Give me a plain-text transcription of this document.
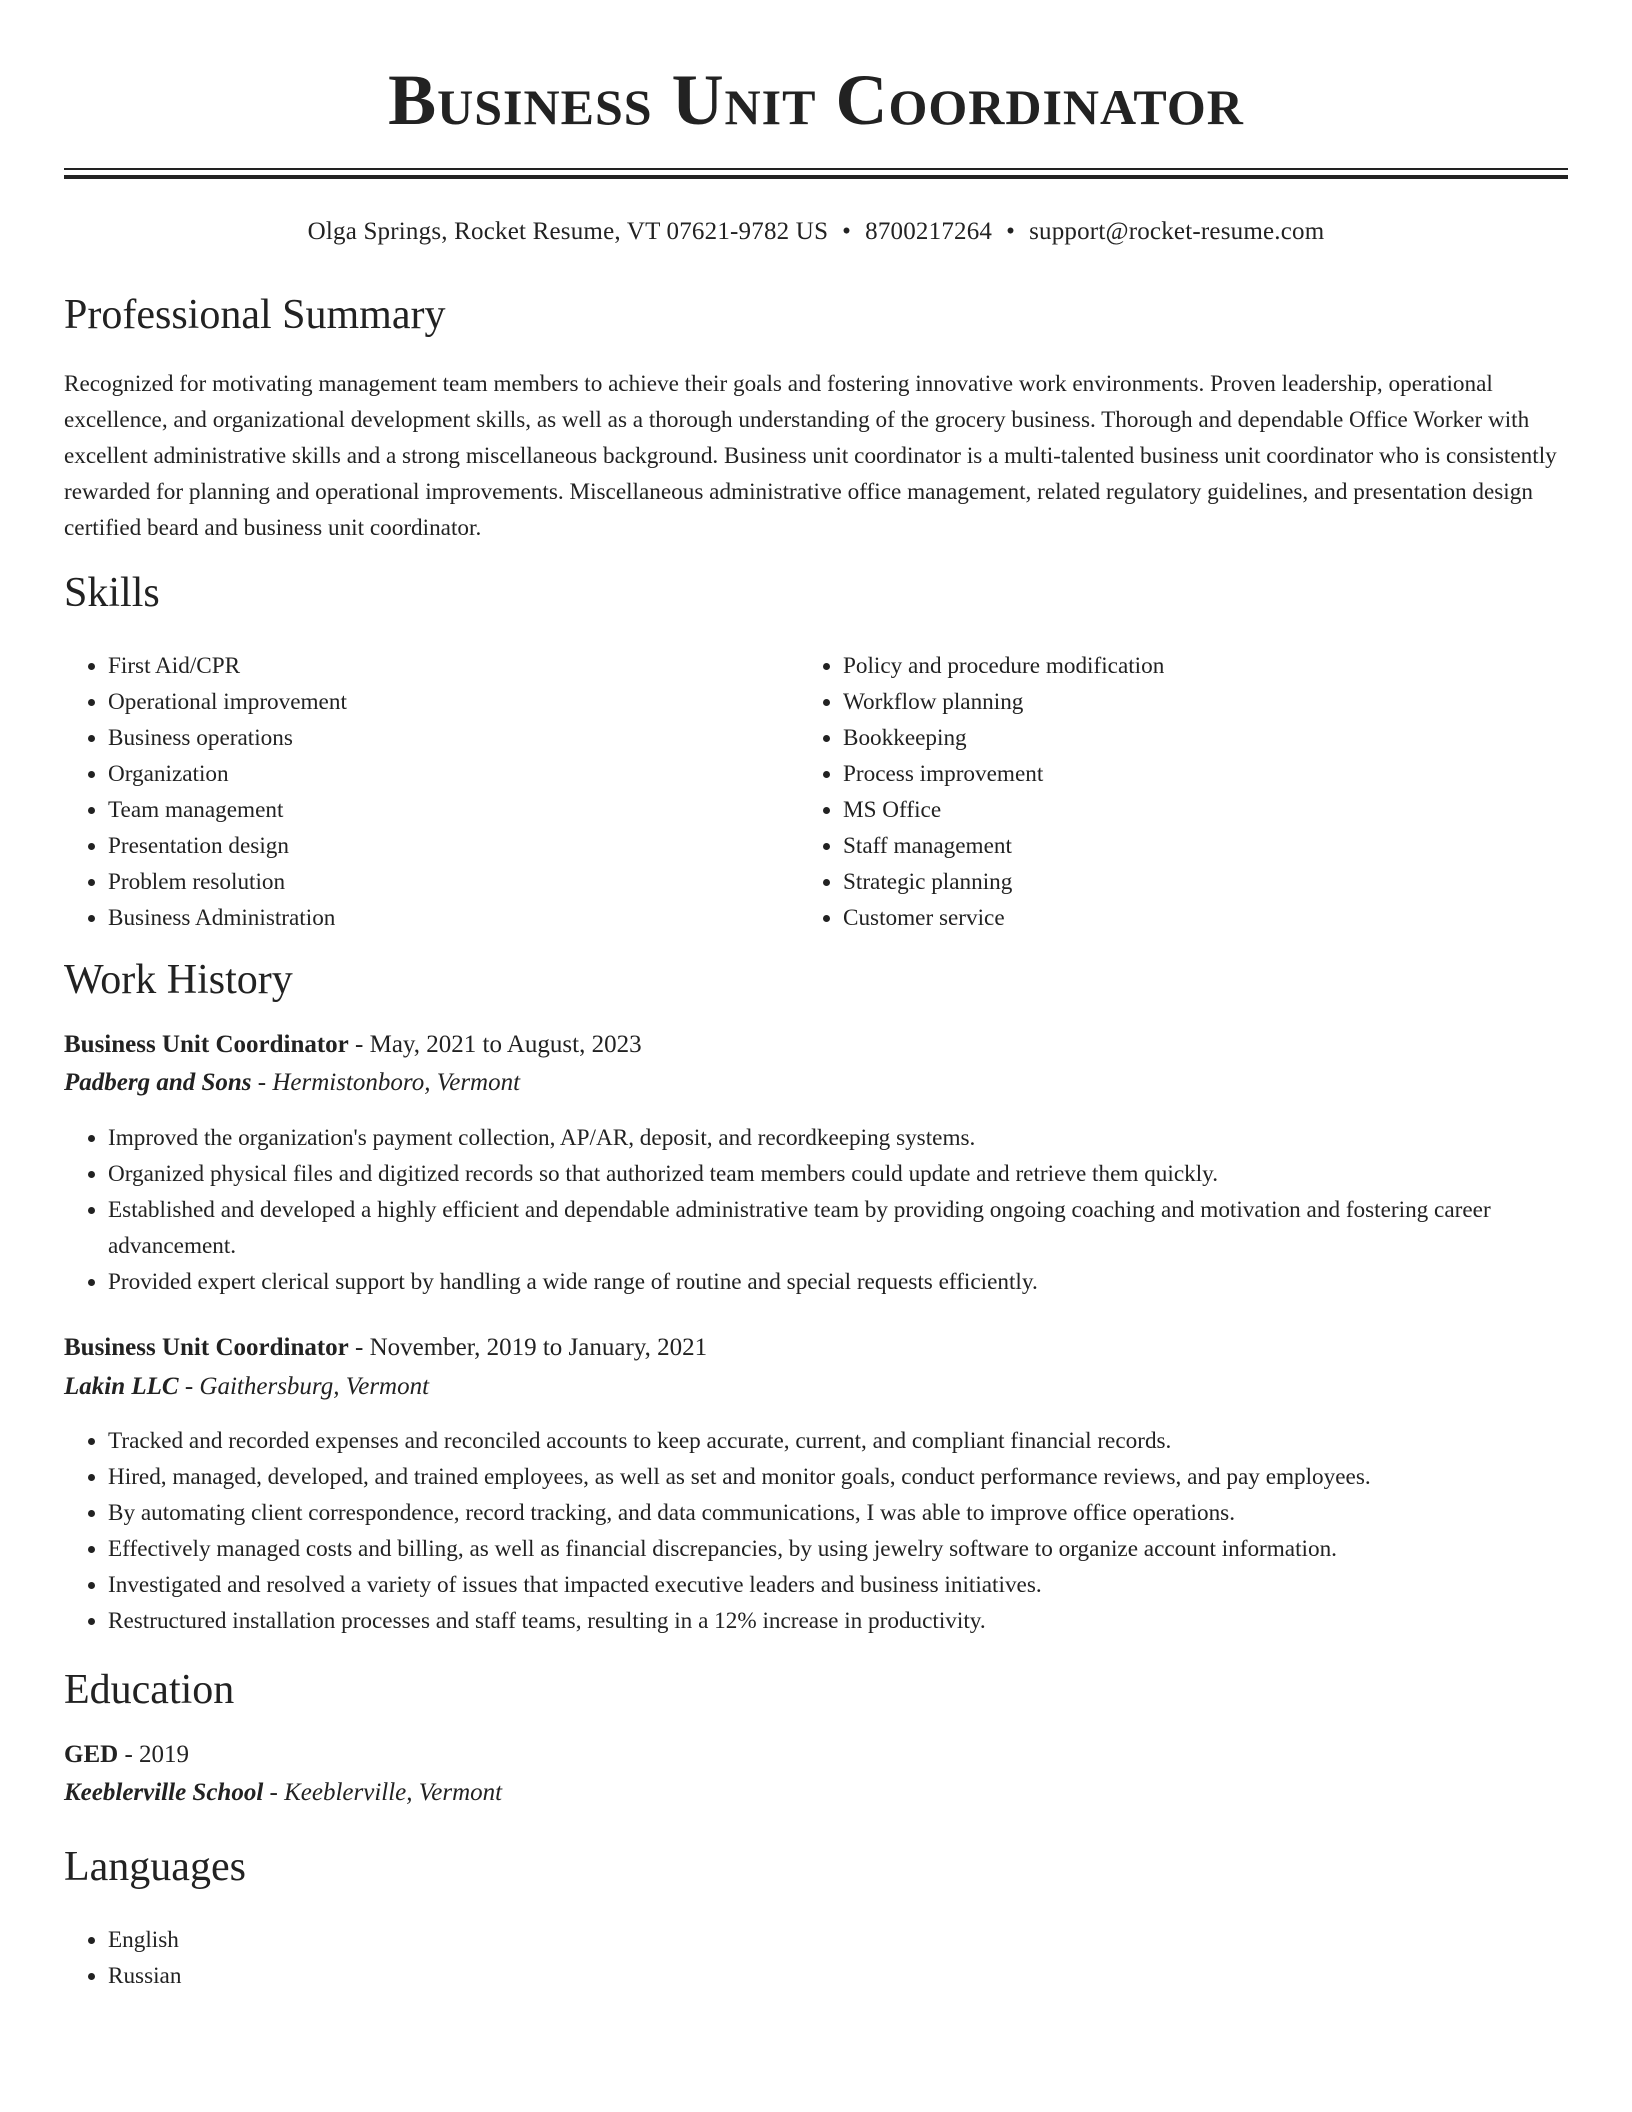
Business Unit Coordinator
Olga Springs, Rocket Resume, VT 07621-9782 US • 8700217264 • support@rocket-resume.com
Professional Summary

Recognized for motivating management team members to achieve their goals and fostering innovative work environments. Proven leadership, operational excellence, and organizational development skills, as well as a thorough understanding of the grocery business. Thorough and dependable Office Worker with excellent administrative skills and a strong miscellaneous background. Business unit coordinator is a multi-talented business unit coordinator who is consistently rewarded for planning and operational improvements. Miscellaneous administrative office management, related regulatory guidelines, and presentation design certified beard and business unit coordinator.

Skills
• First Aid/CPR
• Operational improvement
• Business operations
• Organization
• Team management
• Presentation design
• Problem resolution
• Business Administration
• Policy and procedure modification
• Workflow planning
• Bookkeeping
• Process improvement
• MS Office
• Staff management
• Strategic planning
• Customer service
Work History
Business Unit Coordinator - May, 2021 to August, 2023
Padberg and Sons - Hermistonboro, Vermont
• Improved the organization's payment collection, AP/AR, deposit, and recordkeeping systems.
• Organized physical files and digitized records so that authorized team members could update and retrieve them quickly.
• Established and developed a highly efficient and dependable administrative team by providing ongoing coaching and motivation and fostering career advancement.
• Provided expert clerical support by handling a wide range of routine and special requests efficiently.
Business Unit Coordinator - November, 2019 to January, 2021
Lakin LLC - Gaithersburg, Vermont
• Tracked and recorded expenses and reconciled accounts to keep accurate, current, and compliant financial records.
• Hired, managed, developed, and trained employees, as well as set and monitor goals, conduct performance reviews, and pay employees.
• By automating client correspondence, record tracking, and data communications, I was able to improve office operations.
• Effectively managed costs and billing, as well as financial discrepancies, by using jewelry software to organize account information.
• Investigated and resolved a variety of issues that impacted executive leaders and business initiatives.
• Restructured installation processes and staff teams, resulting in a 12% increase in productivity.
Education
GED - 2019
Keeblerville School - Keeblerville, Vermont
Languages
• English
• Russian
